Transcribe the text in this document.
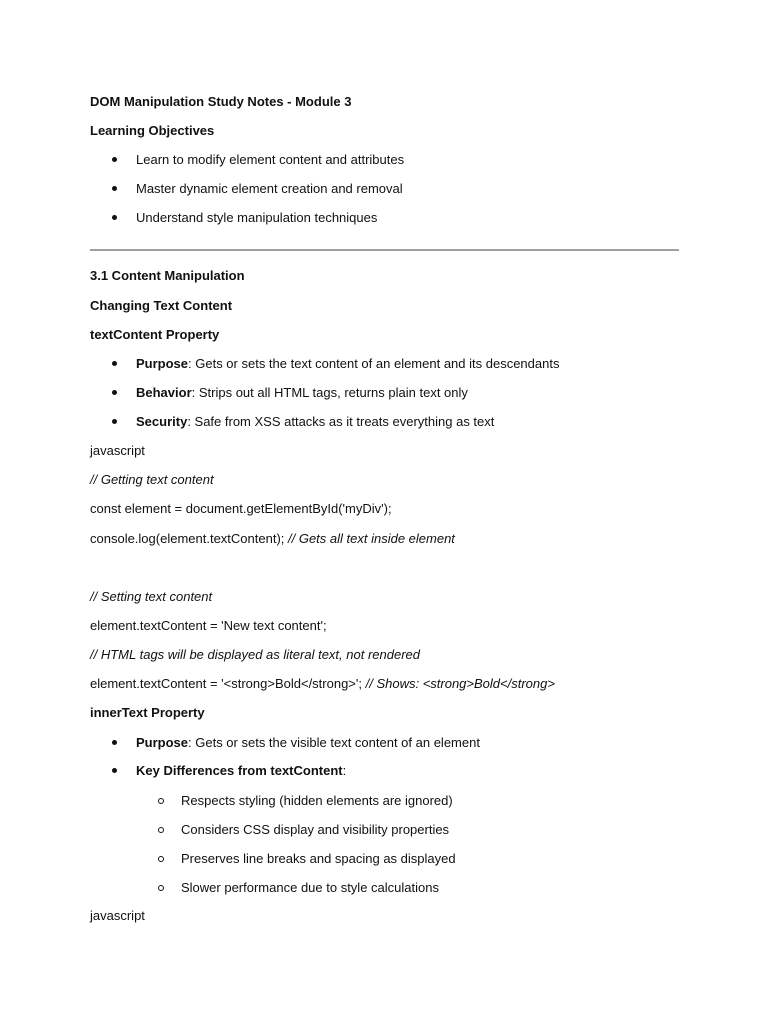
DOM Manipulation Study Notes - Module 3
Learning Objectives
Learn to modify element content and attributes
Master dynamic element creation and removal
Understand style manipulation techniques
3.1 Content Manipulation
Changing Text Content
textContent Property
Purpose: Gets or sets the text content of an element and its descendants
Behavior: Strips out all HTML tags, returns plain text only
Security: Safe from XSS attacks as it treats everything as text
javascript
// Getting text content
const element = document.getElementById('myDiv');
console.log(element.textContent); // Gets all text inside element
// Setting text content
element.textContent = 'New text content';
// HTML tags will be displayed as literal text, not rendered
element.textContent = '<strong>Bold</strong>'; // Shows: <strong>Bold</strong>
innerText Property
Purpose: Gets or sets the visible text content of an element
Key Differences from textContent:
Respects styling (hidden elements are ignored)
Considers CSS display and visibility properties
Preserves line breaks and spacing as displayed
Slower performance due to style calculations
javascript
